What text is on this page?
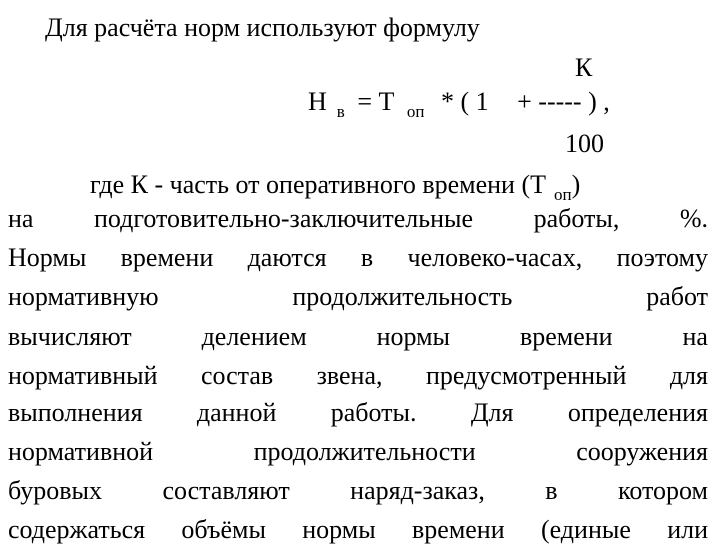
Для расчёта норм используют формулу
К
Н $_в$ = Т $_{оп}$ * ( 1 + ----- ) ,
100
где К - часть от оперативного времени (Т $_{оп}$)
на подготовительно-заключительные работы, %.
Нормы времени даются в человеко-часах, поэтому
нормативную	продолжительность	работ
вычисляют	делением	нормы	времени	на
нормативный состав звена, предусмотренный для
выполнения данной работы. Для определения
нормативной	продолжительности	сооружения
буровых составляют наряд-заказ, в котором
содержаться объёмы нормы времени (единые или
